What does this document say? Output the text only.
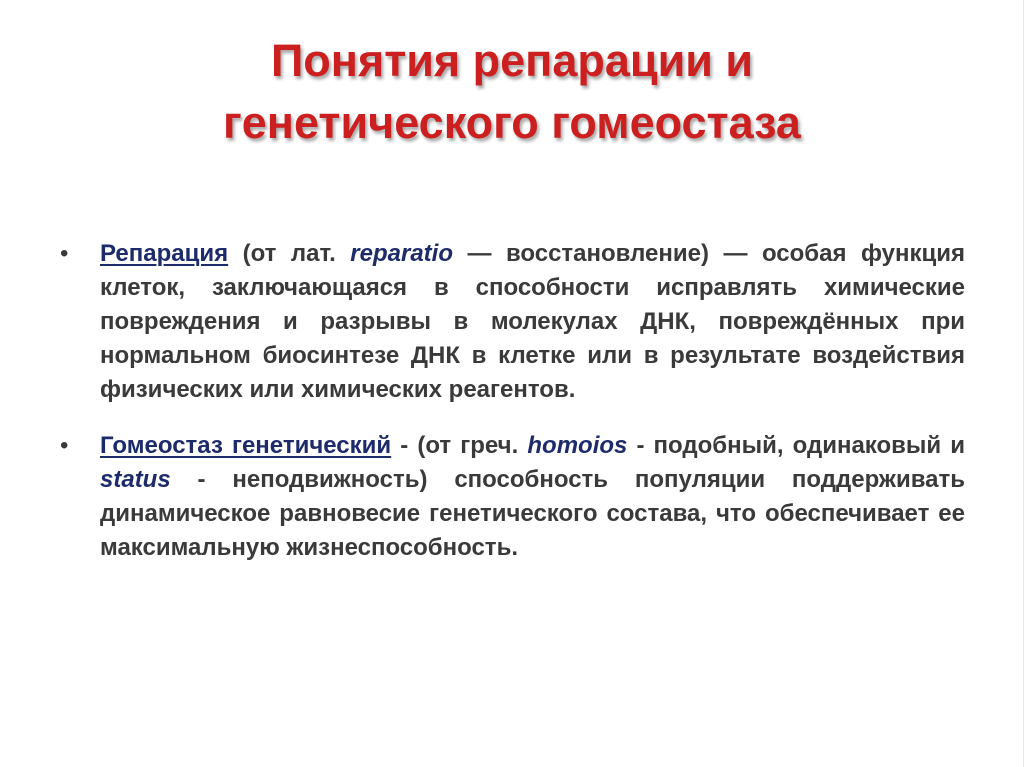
Понятия репарации и
генетического гомеостаза
• Репарация (от лат. reparatio — восстановление) — особая функция клеток, заключающаяся в способности исправлять химические повреждения и разрывы в молекулах ДНК, повреждённых при нормальном биосинтезе ДНК в клетке или в результате воздействия физических или химических реагентов.

• Гомеостаз генетический - (от греч. homoios - подобный, одинаковый и status - неподвижность) способность популяции поддерживать динамическое равновесие генетического состава, что обеспечивает ее максимальную жизнеспособность.
